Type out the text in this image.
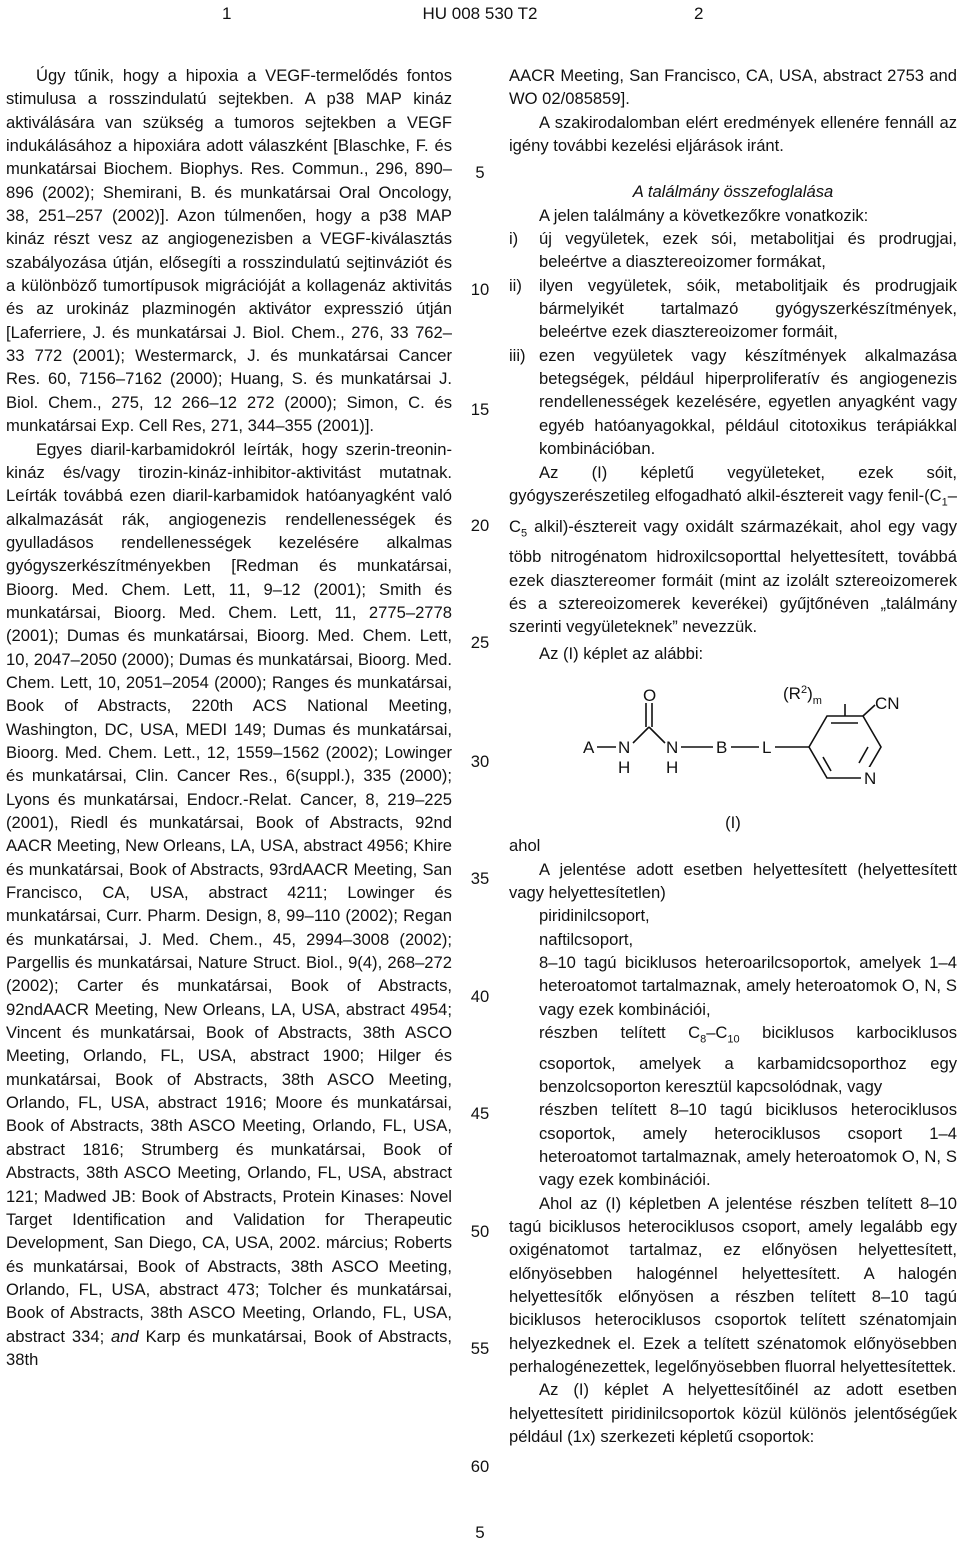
1	HU 008 530 T2	2

Úgy tűnik, hogy a hipoxia a VEGF-termelődés fontos stimulusa a rosszindulatú sejtekben. A p38 MAP kináz aktiválására van szükség a tumoros sejtekben a VEGF indukálásához a hipoxiára adott válaszként [Blaschke, F. és munkatársai Biochem. Biophys. Res. Commun., 296, 890–896 (2002); Shemirani, B. és munkatársai Oral Oncology, 38, 251–257 (2002)]. Azon túlmenően, hogy a p38 MAP kináz részt vesz az angiogenezisben a VEGF-kiválasztás szabályozása útján, elősegíti a rosszindulatú sejtinváziót és a különböző tumortípusok migrációját a kollagenáz aktivitás és az urokináz plazminogén aktivátor expresszió útján [Laferriere, J. és munkatársai J. Biol. Chem., 276, 33 762–33 772 (2001); Westermarck, J. és munkatársai Cancer Res. 60, 7156–7162 (2000); Huang, S. és munkatársai J. Biol. Chem., 275, 12 266–12 272 (2000); Simon, C. és munkatársai Exp. Cell Res, 271, 344–355 (2001)].

Egyes diaril-karbamidokról leírták, hogy szerin-treonin-kináz és/vagy tirozin-kináz-inhibitor-aktivitást mutatnak. Leírták továbbá ezen diaril-karbamidok hatóanyagként való alkalmazását rák, angiogenezis rendellenességek és gyulladásos rendellenességek kezelésére alkalmas gyógyszerkészítményekben [Redman és munkatársai, Bioorg. Med. Chem. Lett, 11, 9–12 (2001); Smith és munkatársai, Bioorg. Med. Chem. Lett, 11, 2775–2778 (2001); Dumas és munkatársai, Bioorg. Med. Chem. Lett, 10, 2047–2050 (2000); Dumas és munkatársai, Bioorg. Med. Chem. Lett, 10, 2051–2054 (2000); Ranges és munkatársai, Book of Abstracts, 220th ACS National Meeting, Washington, DC, USA, MEDI 149; Dumas és munkatársai, Bioorg. Med. Chem. Lett., 12, 1559–1562 (2002); Lowinger és munkatársai, Clin. Cancer Res., 6(suppl.), 335 (2000); Lyons és munkatársai, Endocr.-Relat. Cancer, 8, 219–225 (2001), Riedl és munkatársai, Book of Abstracts, 92nd AACR Meeting, New Orleans, LA, USA, abstract 4956; Khire és munkatársai, Book of Abstracts, 93rdAACR Meeting, San Francisco, CA, USA, abstract 4211; Lowinger és munkatársai, Curr. Pharm. Design, 8, 99–110 (2002); Regan és munkatársai, J. Med. Chem., 45, 2994–3008 (2002); Pargellis és munkatársai, Nature Struct. Biol., 9(4), 268–272 (2002); Carter és munkatársai, Book of Abstracts, 92ndAACR Meeting, New Orleans, LA, USA, abstract 4954; Vincent és munkatársai, Book of Abstracts, 38th ASCO Meeting, Orlando, FL, USA, abstract 1900; Hilger és munkatársai, Book of Abstracts, 38th ASCO Meeting, Orlando, FL, USA, abstract 1916; Moore és munkatársai, Book of Abstracts, 38th ASCO Meeting, Orlando, FL, USA, abstract 1816; Strumberg és munkatársai, Book of Abstracts, 38th ASCO Meeting, Orlando, FL, USA, abstract 121; Madwed JB: Book of Abstracts, Protein Kinases: Novel Target Identification and Validation for Therapeutic Development, San Diego, CA, USA, 2002. március; Roberts és munkatársai, Book of Abstracts, 38th ASCO Meeting, Orlando, FL, USA, abstract 473; Tolcher és munkatársai, Book of Abstracts, 38th ASCO Meeting, Orlando, FL, USA, abstract 334; and Karp és munkatársai, Book of Abstracts, 38th

AACR Meeting, San Francisco, CA, USA, abstract 2753 and WO 02/085859].

A szakirodalomban elért eredmények ellenére fennáll az igény további kezelési eljárások iránt.

A találmány összefoglalása

A jelen találmány a következőkre vonatkozik:

i)	új vegyületek, ezek sói, metabolitjai és prodrugjai, beleértve a diasztereoizomer formákat,
ii)	ilyen vegyületek, sóik, metabolitjaik és prodrugjaik bármelyikét tartalmazó gyógyszerkészítmények, beleértve ezek diasztereoizomer formáit,
iii) ezen vegyületek vagy készítmények alkalmazása betegségek, például hiperproliferatív és angiogenezis rendellenességek kezelésére, egyetlen anyagként vagy egyéb hatóanyagokkal, például citotoxikus terápiákkal kombinációban.

Az (I) képletű vegyületeket, ezek sóit, gyógyszerészetileg elfogadható alkil-észtereit vagy fenil-($C_1-C_5$ alkil)-észtereit vagy oxidált származékait, ahol egy vagy több nitrogénatom hidroxilcsoporttal helyettesített, továbbá ezek diasztereomer formáit (mint az izolált sztereoizomerek és a sztereoizomerek keverékei) gyűjtőnéven „találmány szerinti vegyületeknek” nevezzük.

Az (I) képlet az alábbi:

O
A N
H
N
H
B L
$(R^2)_m$	CN
N

(I)

ahol

A jelentése adott esetben helyettesített (helyettesített vagy helyettesítetlen)

piridinilcsoport,

naftilcsoport,

8–10 tagú biciklusos heteroarilcsoportok, amelyek 1–4 heteroatomot tartalmaznak, amely heteroatomok O, N, S vagy ezek kombinációi,

részben telített $C_8-C_{10}$ biciklusos karbociklusos csoportok, amelyek a karbamidcsoporthoz egy benzolcsoporton keresztül kapcsolódnak, vagy

részben telített 8–10 tagú biciklusos heterociklusos csoportok, amely heterociklusos csoport 1–4 heteroatomot tartalmaznak, amely heteroatomok O, N, S vagy ezek kombinációi.

Ahol az (I) képletben A jelentése részben telített 8–10 tagú biciklusos heterociklusos csoport, amely legalább egy oxigénatomot tartalmaz, ez előnyösen helyettesített, előnyösebben halogénnel helyettesített. A halogén helyettesítők előnyösen a részben telített 8–10 tagú biciklusos heterociklusos csoportok telített szénatomjain helyezkednek el. Ezek a telített szénatomok előnyösebben perhalogénezettek, legelőnyösebben fluorral helyettesítettek.

Az (I) képlet A helyettesítőinél az adott esetben helyettesített piridinilcsoportok közül különös jelentőségűek például (1x) szerkezeti képletű csoportok:

5
10
15
20
25
30
35
40
45
50
55
60
5
